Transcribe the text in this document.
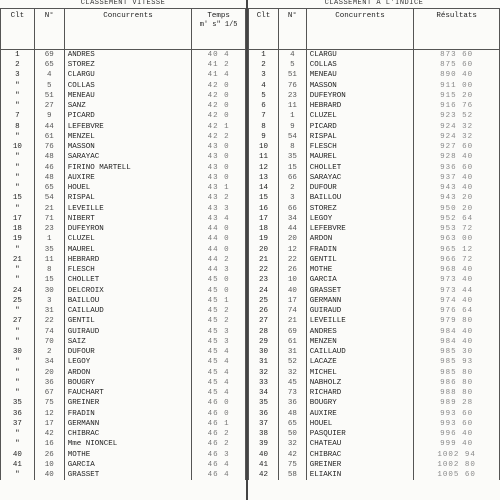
CLASSEMENT VITESSE
Clt	N°	Concurrents	Temps
m' s" 1/5

1	69	ANDRES	40 4
2	65	STOREZ	41 2
3	4	CLARGU	41 4
"	5	COLLAS	42 0
"	51	MENEAU	42 0
"	27	SANZ	42 0
7	9	PICARD	42 0
8	44	LEFEBVRE	42 1
"	61	MENZEL	42 2
10	76	MASSON	43 0
"	48	SARAYAC	43 0
"	46	FIRINO MARTELL	43 0
"	48	AUXIRE	43 0
"	65	HOUEL	43 1
15	54	RISPAL	43 2
"	21	LEVEILLE	43 3
17	71	NIBERT	43 4
18	23	DUFEYRON	44 0
19	1	CLUZEL	44 0
"	35	MAUREL	44 0
21	11	HEBRARD	44 2
"	8	FLESCH	44 3
"	15	CHOLLET	45 0
24	30	DELCROIX	45 0
25	3	BAILLOU	45 1
"	31	CAILLAUD	45 2
27	22	GENTIL	45 2
"	74	GUIRAUD	45 3
"	70	SAIZ	45 3
30	2	DUFOUR	45 4
"	34	LEGOY	45 4
"	20	ARDON	45 4
"	36	BOUGRY	45 4
"	67	FAUCHART	45 4
35	75	GREINER	46 0
36	12	FRADIN	46 0
37	17	GERMANN	46 1
"	42	CHIBRAC	46 2
"	16	Mme NIONCEL	46 2
40	26	MOTHE	46 3
41	10	GARCIA	46 4
"	40	GRASSET	46 4
CLASSEMENT A L'INDICE
Clt	N°	Concurrents	Résultats
1	4	CLARGU	873 60
2	5	COLLAS	875 60
3	51	MENEAU	890 40
4	76	MASSON	911 00
5	23	DUFEYRON	915 20
6	11	HEBRARD	916 76
7	1	CLUZEL	923 52
8	9	PICARD	924 32
9	54	RISPAL	924 32
10	8	FLESCH	927 60
11	35	MAUREL	928 40
12	15	CHOLLET	936 60
13	66	SARAYAC	937 40
14	2	DUFOUR	943 40
15	3	BAILLOU	943 20
16	66	STOREZ	950 20
17	34	LEGOY	952 64
18	44	LEFEBVRE	953 72
19	20	ARDON	963 00
20	12	FRADIN	965 12
21	22	GENTIL	966 72
22	26	MOTHE	968 40
23	10	GARCIA	973 40
24	40	GRASSET	973 44
25	17	GERMANN	974 40
26	74	GUIRAUD	976 64
27	21	LEVEILLE	979 80
28	69	ANDRES	984 40
29	61	MENZEN	984 40
30	31	CAILLAUD	985 30
31	52	LACAZE	985 93
32	32	MICHEL	985 80
33	45	NABHOLZ	986 80
34	73	RICHARD	988 80
35	36	BOUGRY	989 28
36	48	AUXIRE	993 60
37	65	HOUEL	993 60
38	50	PASQUIER	996 40
39	32	CHATEAU	999 40
40	42	CHIBRAC	1002 94
41	75	GREINER	1002 80
42	58	ELIAKIN	1005 60
